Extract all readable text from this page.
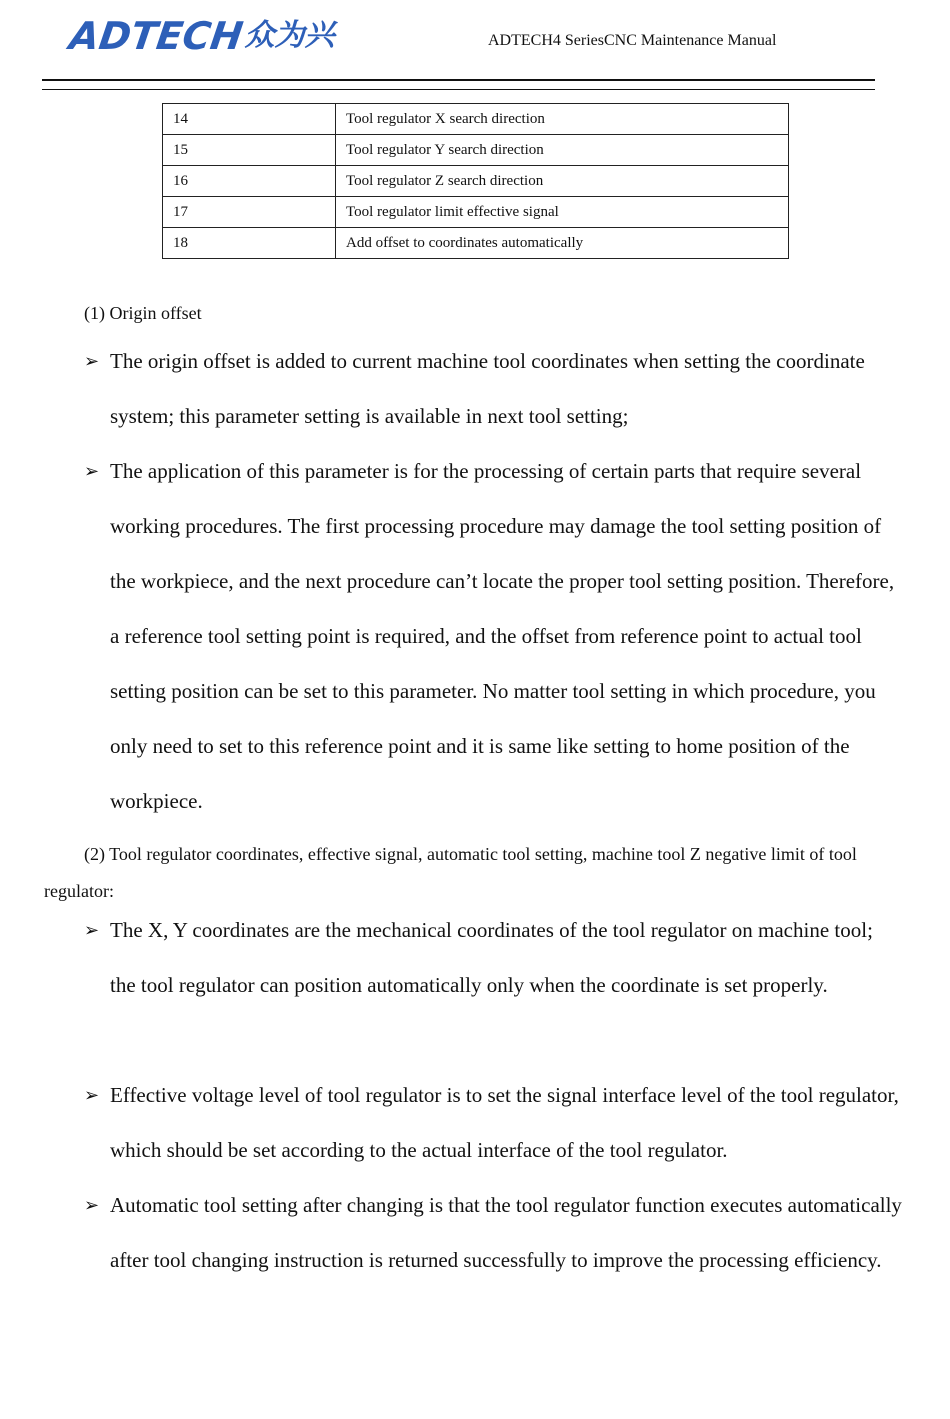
ADTECH
众为兴	ADTECH4 SeriesCNC Maintenance Manual
14	Tool regulator X search direction
15	Tool regulator Y search direction
16	Tool regulator Z search direction
17	Tool regulator limit effective signal
18	Add offset to coordinates automatically
(1) Origin offset
➢ The origin offset is added to current machine tool coordinates when setting the coordinate system; this parameter setting is available in next tool setting;
➢ The application of this parameter is for the processing of certain parts that require several working procedures. The first processing procedure may damage the tool setting position of the workpiece, and the next procedure can’t locate the proper tool setting position. Therefore, a reference tool setting point is required, and the offset from reference point to actual tool setting position can be set to this parameter. No matter tool setting in which procedure, you only need to set to this reference point and it is same like setting to home position of the workpiece.
(2) Tool regulator coordinates, effective signal, automatic tool setting, machine tool Z negative limit of tool regulator:
➢ The X, Y coordinates are the mechanical coordinates of the tool regulator on machine tool; the tool regulator can position automatically only when the coordinate is set properly.
➢ Effective voltage level of tool regulator is to set the signal interface level of the tool regulator, which should be set according to the actual interface of the tool regulator.
➢ Automatic tool setting after changing is that the tool regulator function executes automatically after tool changing instruction is returned successfully to improve the processing efficiency.
